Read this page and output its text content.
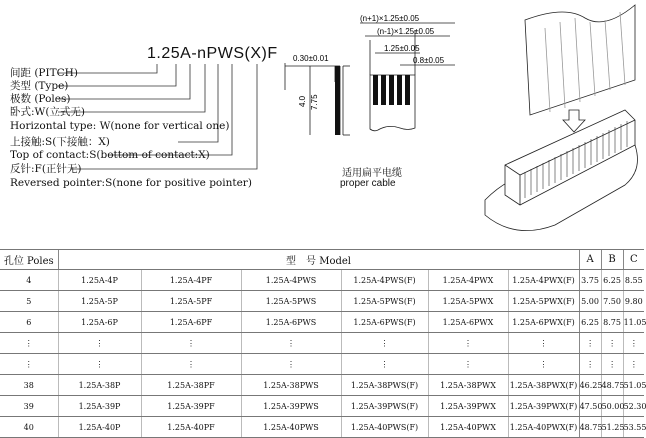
1.25A-nPWS(X)F
间距 (PITCH)
类型 (Type)
极数 (Poles)
卧式:W(立式无)
Horizontal type: W(none for vertical one)
上接触:S(下接触：X)
Top of contact:S(bottom of contact:X)
反针:F(正针无)
Reversed pointer:S(none for positive pointer)
0.30±0.01
4.0 7.75
(n+1)×1.25±0.05
(n-1)×1.25±0.05
1.25±0.05
0.8±0.05
适用扁平电缆
proper cable
孔位 Poles	型　号 Model						A	B	C
4	1.25A-4P	1.25A-4PF	1.25A-4PWS	1.25A-4PWS(F)	1.25A-4PWX	1.25A-4PWX(F)	3.75	6.25	8.55
5	1.25A-5P	1.25A-5PF	1.25A-5PWS	1.25A-5PWS(F)	1.25A-5PWX	1.25A-5PWX(F)	5.00	7.50	9.80
6	1.25A-6P	1.25A-6PF	1.25A-6PWS	1.25A-6PWS(F)	1.25A-6PWX	1.25A-6PWX(F)	6.25	8.75	11.05
⋮	⋮	⋮	⋮	⋮	⋮	⋮	⋮	⋮	⋮
⋮	⋮	⋮	⋮	⋮	⋮	⋮	⋮	⋮	⋮
38	1.25A-38P	1.25A-38PF	1.25A-38PWS	1.25A-38PWS(F)	1.25A-38PWX	1.25A-38PWX(F)	46.25	48.75	51.05
39	1.25A-39P	1.25A-39PF	1.25A-39PWS	1.25A-39PWS(F)	1.25A-39PWX	1.25A-39PWX(F)	47.50	50.00	52.30
40	1.25A-40P	1.25A-40PF	1.25A-40PWS	1.25A-40PWS(F)	1.25A-40PWX	1.25A-40PWX(F)	48.75	51.25	53.55
